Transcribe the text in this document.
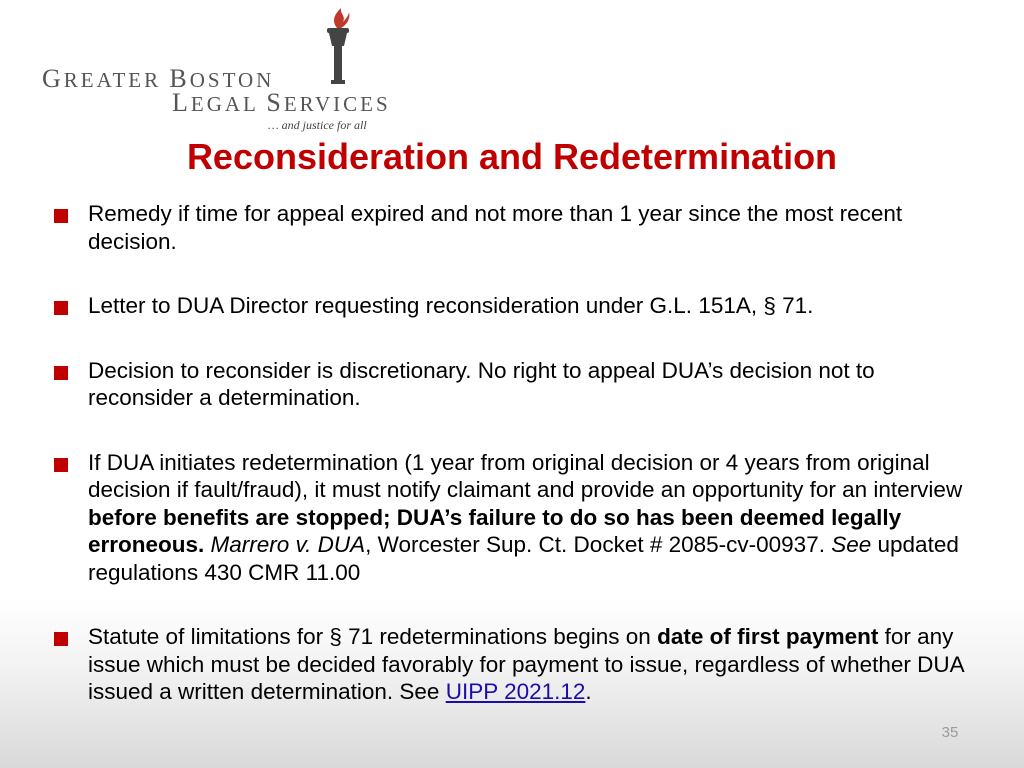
GREATER BOSTON
LEGAL SERVICES
… and justice for all
Reconsideration and Redetermination
Remedy if time for appeal expired and not more than 1 year since the most recent decision.
Letter to DUA Director requesting reconsideration under G.L. 151A, § 71.
Decision to reconsider is discretionary. No right to appeal DUA’s decision not to reconsider a determination.
If DUA initiates redetermination (1 year from original decision or 4 years from original decision if fault/fraud), it must notify claimant and provide an opportunity for an interview before benefits are stopped; DUA’s failure to do so has been deemed legally erroneous. Marrero v. DUA, Worcester Sup. Ct. Docket # 2085-cv-00937. See updated regulations 430 CMR 11.00
Statute of limitations for § 71 redeterminations begins on date of first payment for any issue which must be decided favorably for payment to issue, regardless of whether DUA issued a written determination. See UIPP 2021.12.
35
